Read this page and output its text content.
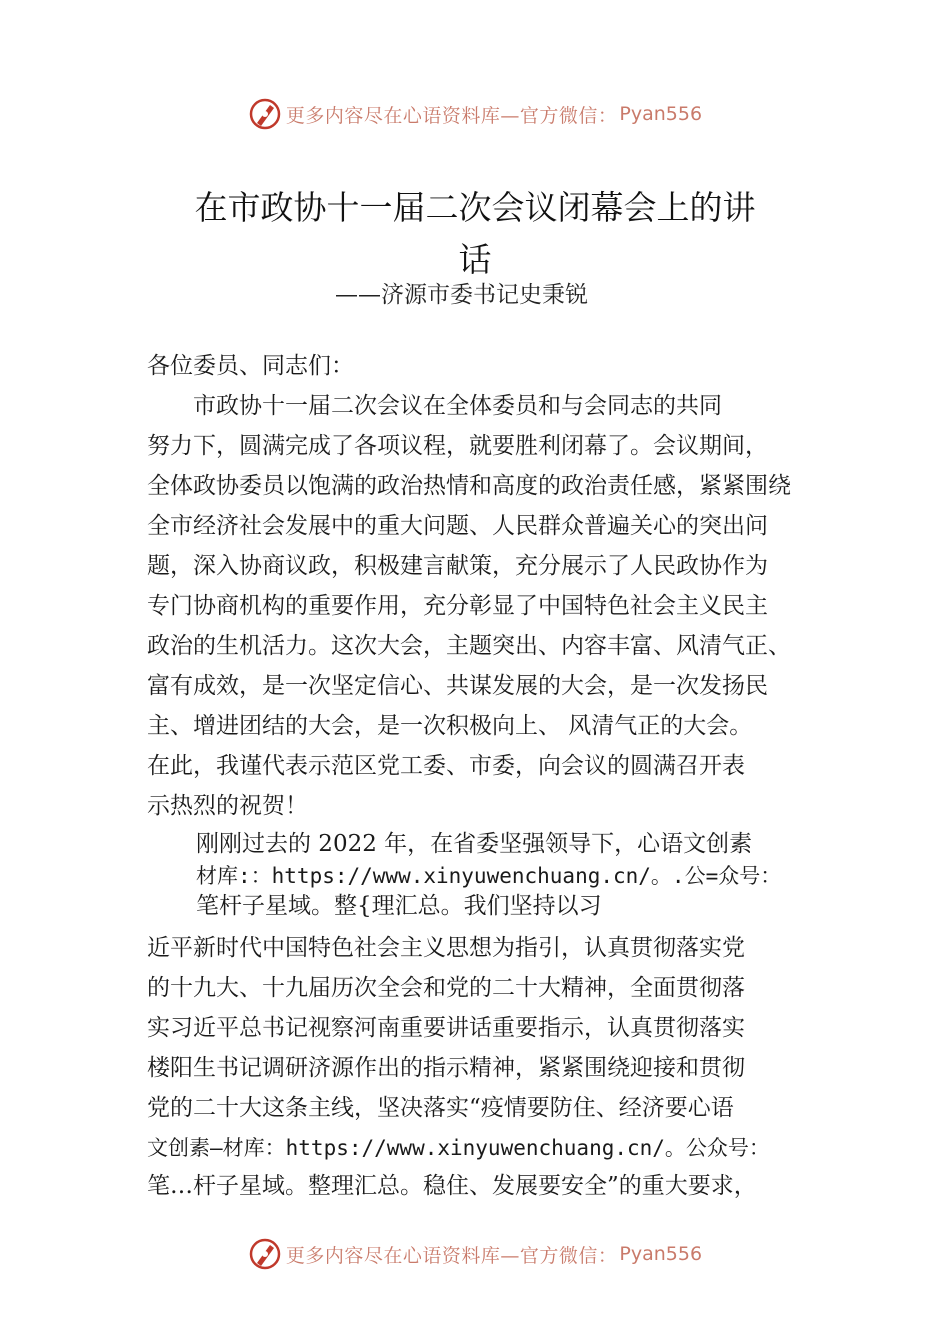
更多内容尽在心语资料库—官方微信： Pyan556
在市政协十一届二次会议闭幕会上的讲
话
——济源市委书记史秉锐
各位委员、同志们：
　　市政协十一届二次会议在全体委员和与会同志的共同
努力下，圆满完成了各项议程，就要胜利闭幕了。会议期间，
全体政协委员以饱满的政治热情和高度的政治责任感，紧紧围绕
全市经济社会发展中的重大问题、人民群众普遍关心的突出问
题，深入协商议政，积极建言献策，充分展示了人民政协作为
专门协商机构的重要作用，充分彰显了中国特色社会主义民主
政治的生机活力。这次大会，主题突出、内容丰富、风清气正、
富有成效，是一次坚定信心、共谋发展的大会，是一次发扬民
主、增进团结的大会，是一次积极向上、 风清气正的大会。
在此，我谨代表示范区党工委、市委，向会议的圆满召开表
示热烈的祝贺！
刚刚过去的 2022 年，在省委坚强领导下，心语文创素
材库:：https://www.xinyuwenchuang.cn/。.公=众号：
笔杆子星域。整{理汇总。我们坚持以习
近平新时代中国特色社会主义思想为指引，认真贯彻落实党
的十九大、十九届历次全会和党的二十大精神，全面贯彻落
实习近平总书记视察河南重要讲话重要指示，认真贯彻落实
楼阳生书记调研济源作出的指示精神，紧紧围绕迎接和贯彻
党的二十大这条主线，坚决落实“疫情要防住、经济要心语
文创素—材库：https://www.xinyuwenchuang.cn/。公众号：
笔…杆子星域。整理汇总。稳住、发展要安全”的重大要求，
更多内容尽在心语资料库—官方微信： Pyan556
